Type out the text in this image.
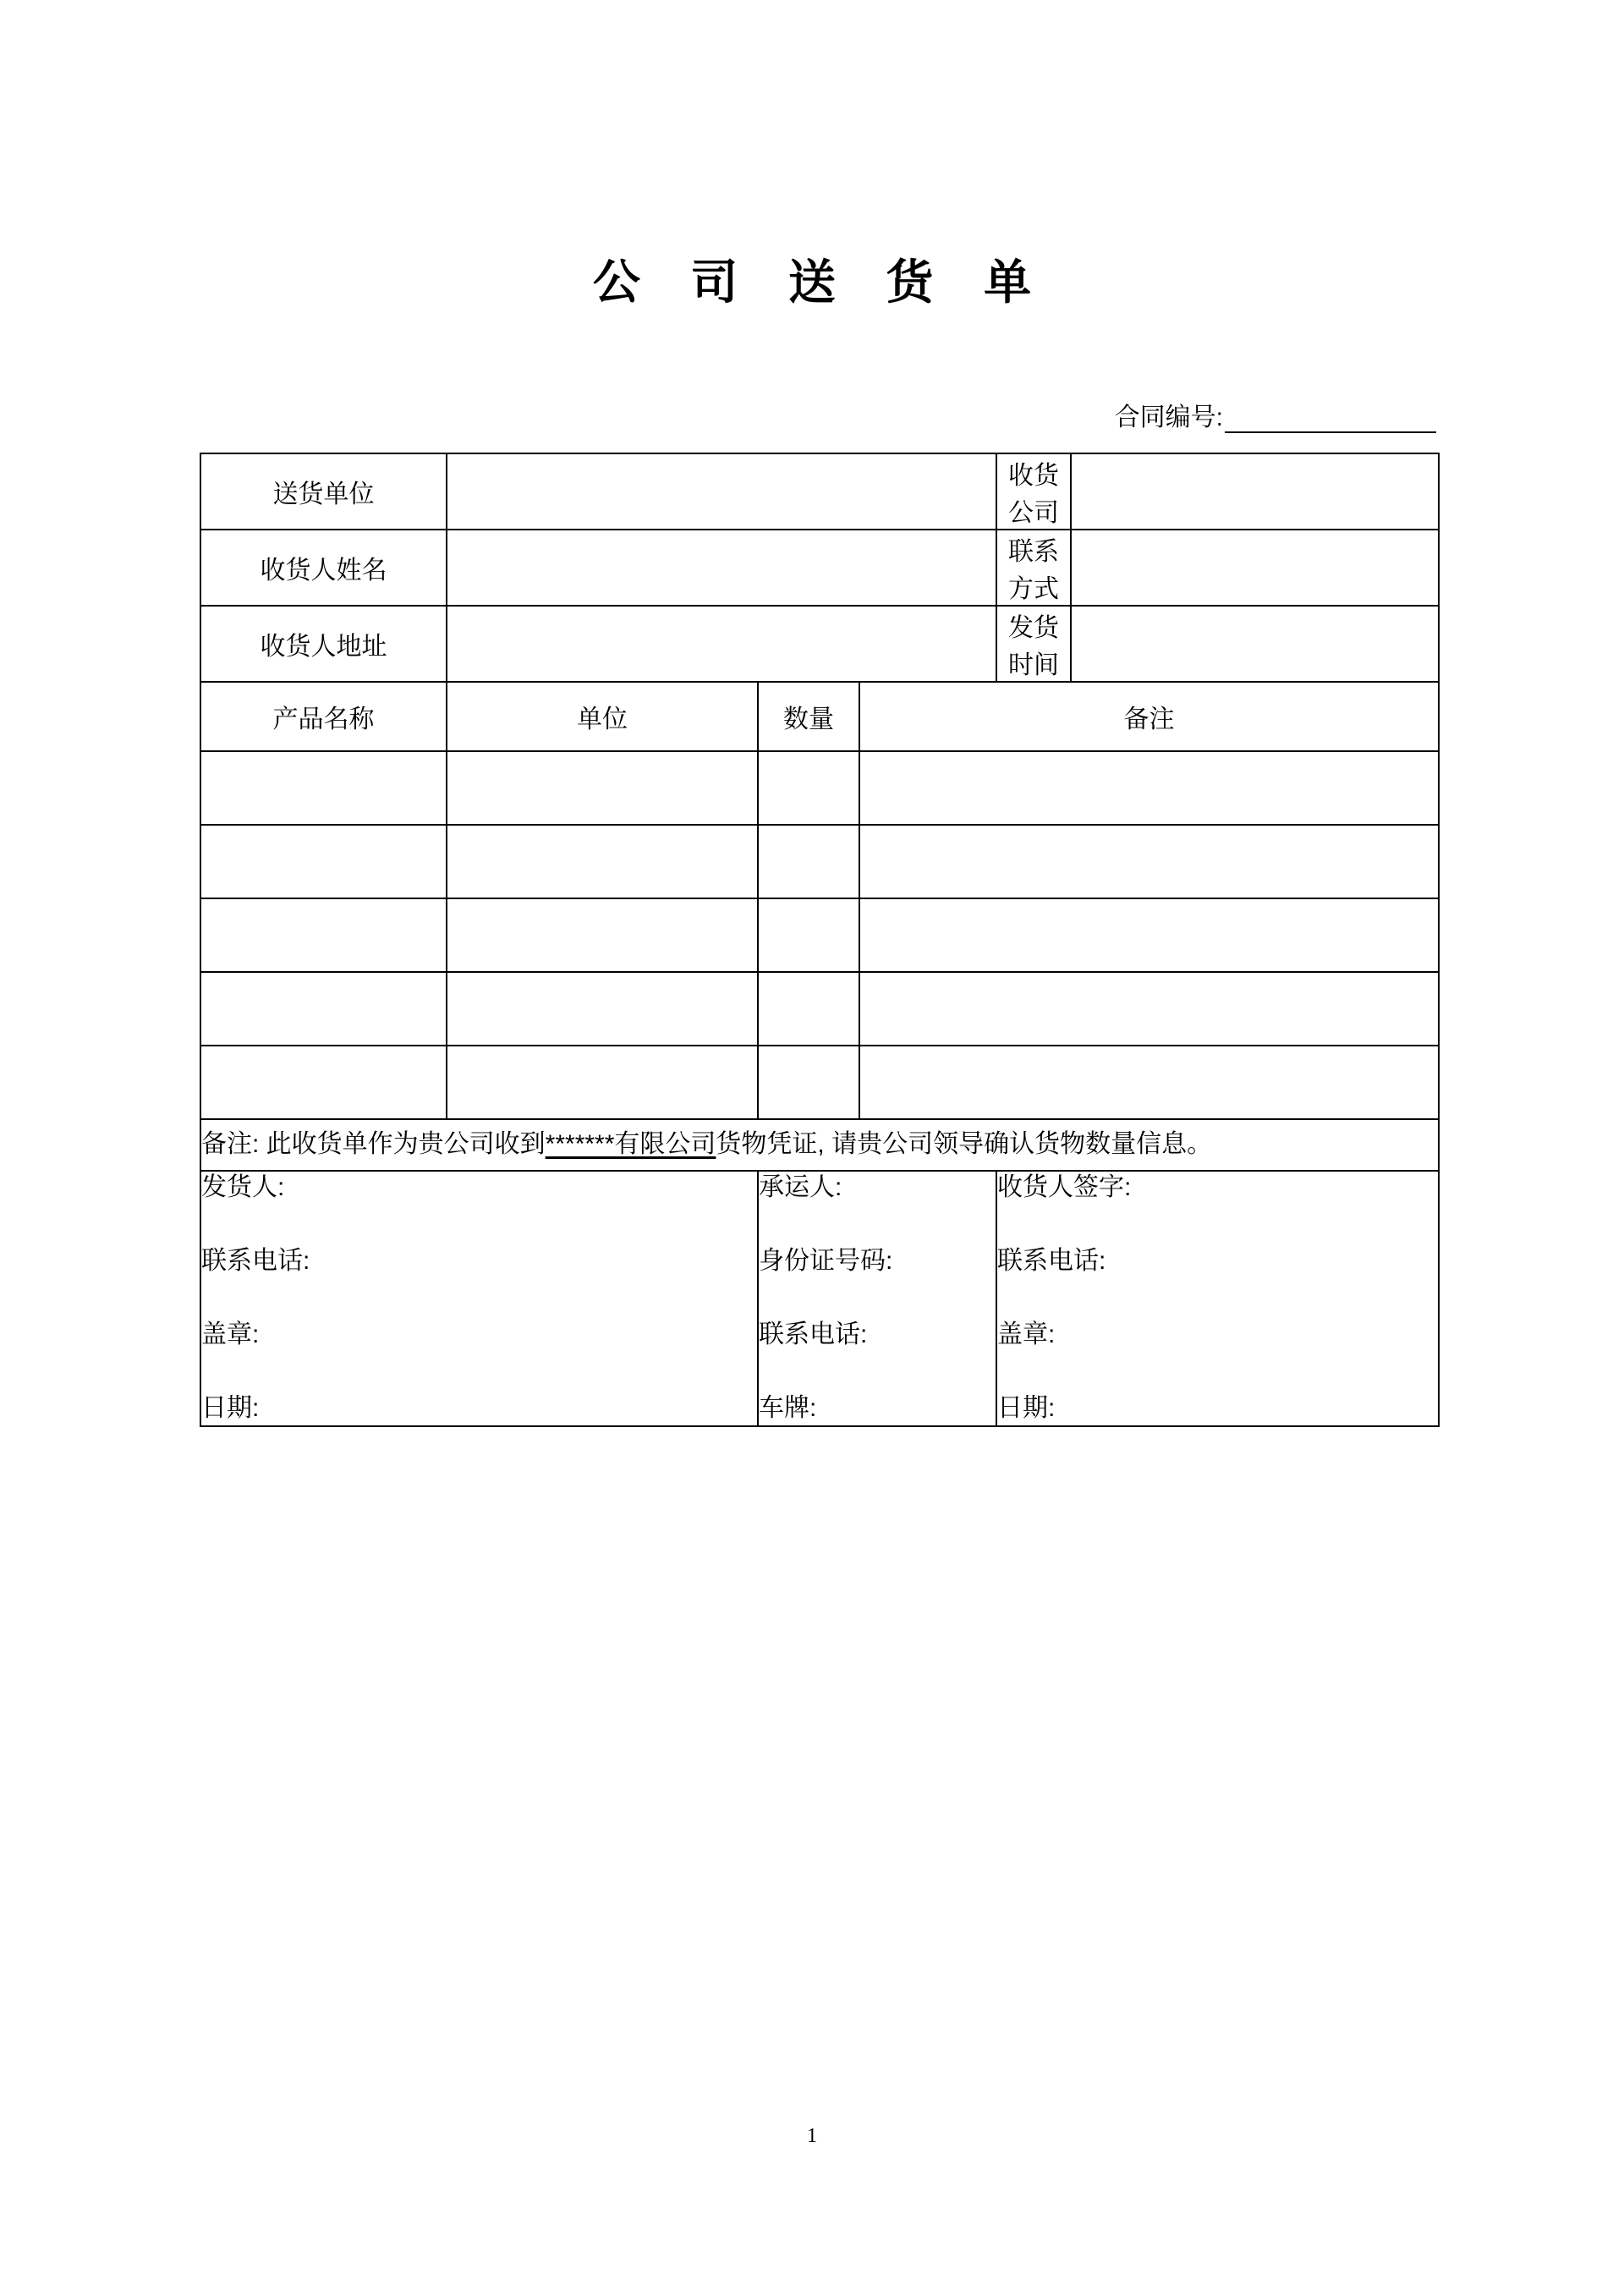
公 司 送 货 单
合同编号:
送货单位				收货公司	
收货人姓名				联系方式	
收货人地址				发货时间	
产品名称	单位	数量	备注		

备注: 此收货单作为贵公司收到*******有限公司货物凭证, 请贵公司领导确认货物数量信息。					

发货人:
联系电话:
盖章:
日期:

承运人:
身份证号码:
联系电话:
车牌:

收货人签字:
联系电话:
盖章:
日期:
1
